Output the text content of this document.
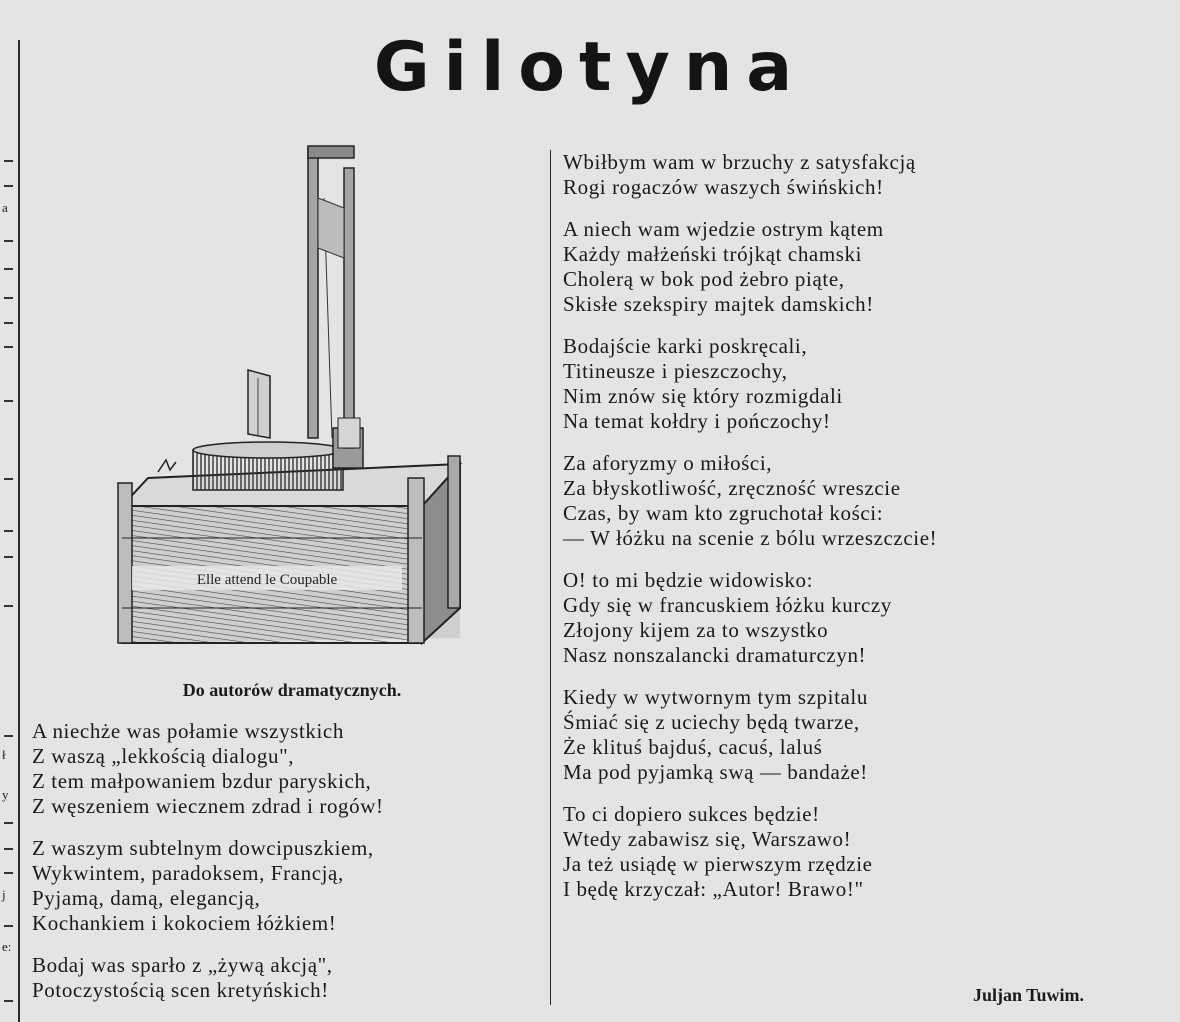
a
ł
y
j
e:
Gilotyna
Elle attend le Coupable
Do autorów dramatycznych.
A niechże was połamie wszystkich
Z waszą „lekkością dialogu",
Z tem małpowaniem bzdur paryskich,
Z węszeniem wiecznem zdrad i rogów!
Z waszym subtelnym dowcipuszkiem,
Wykwintem, paradoksem, Francją,
Pyjamą, damą, elegancją,
Kochankiem i kokociem łóżkiem!
Bodaj was sparło z „żywą akcją",
Potoczystością scen kretyńskich!
Wbiłbym wam w brzuchy z satysfakcją
Rogi rogaczów waszych świńskich!
A niech wam wjedzie ostrym kątem
Każdy małżeński trójkąt chamski
Cholerą w bok pod żebro piąte,
Skisłe szekspiry majtek damskich!
Bodajście karki poskręcali,
Titineusze i pieszczochy,
Nim znów się który rozmigdali
Na temat kołdry i pończochy!
Za aforyzmy o miłości,
Za błyskotliwość, zręczność wreszcie
Czas, by wam kto zgruchotał kości:
— W łóżku na scenie z bólu wrzeszczcie!
O! to mi będzie widowisko:
Gdy się w francuskiem łóżku kurczy
Złojony kijem za to wszystko
Nasz nonszalancki dramaturczyn!
Kiedy w wytwornym tym szpitalu
Śmiać się z uciechy będą twarze,
Że klituś bajduś, cacuś, laluś
Ma pod pyjamką swą — bandaże!
To ci dopiero sukces będzie!
Wtedy zabawisz się, Warszawo!
Ja też usiądę w pierwszym rzędzie
I będę krzyczał: „Autor! Brawo!"
Juljan Tuwim.
